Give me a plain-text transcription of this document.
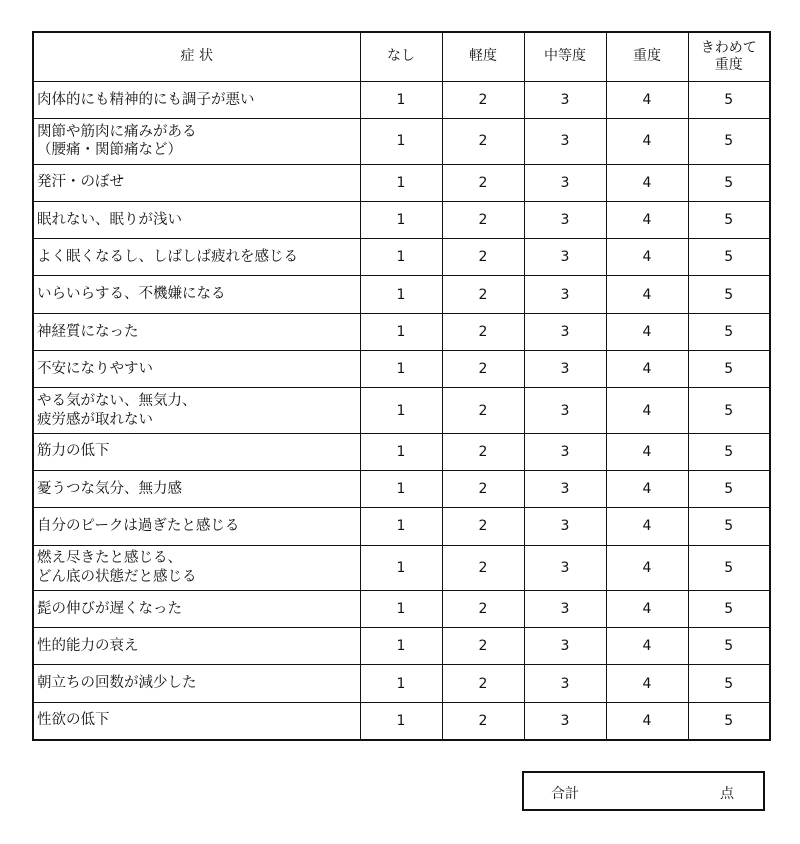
症 状	なし	軽度	中等度	重度	きわめて
重度
肉体的にも精神的にも調子が悪い	1	2	3	4	5
関節や筋肉に痛みがある
（腰痛・関節痛など）	1	2	3	4	5
発汗・のぼせ	1	2	3	4	5
眠れない、眠りが浅い	1	2	3	4	5
よく眠くなるし、しばしば疲れを感じる	1	2	3	4	5
いらいらする、不機嫌になる	1	2	3	4	5
神経質になった	1	2	3	4	5
不安になりやすい	1	2	3	4	5
やる気がない、無気力、
疲労感が取れない	1	2	3	4	5
筋力の低下	1	2	3	4	5
憂うつな気分、無力感	1	2	3	4	5
自分のピークは過ぎたと感じる	1	2	3	4	5
燃え尽きたと感じる、
どん底の状態だと感じる	1	2	3	4	5
髭の伸びが遅くなった	1	2	3	4	5
性的能力の衰え	1	2	3	4	5
朝立ちの回数が減少した	1	2	3	4	5
性欲の低下	1	2	3	4	5
合計	点
